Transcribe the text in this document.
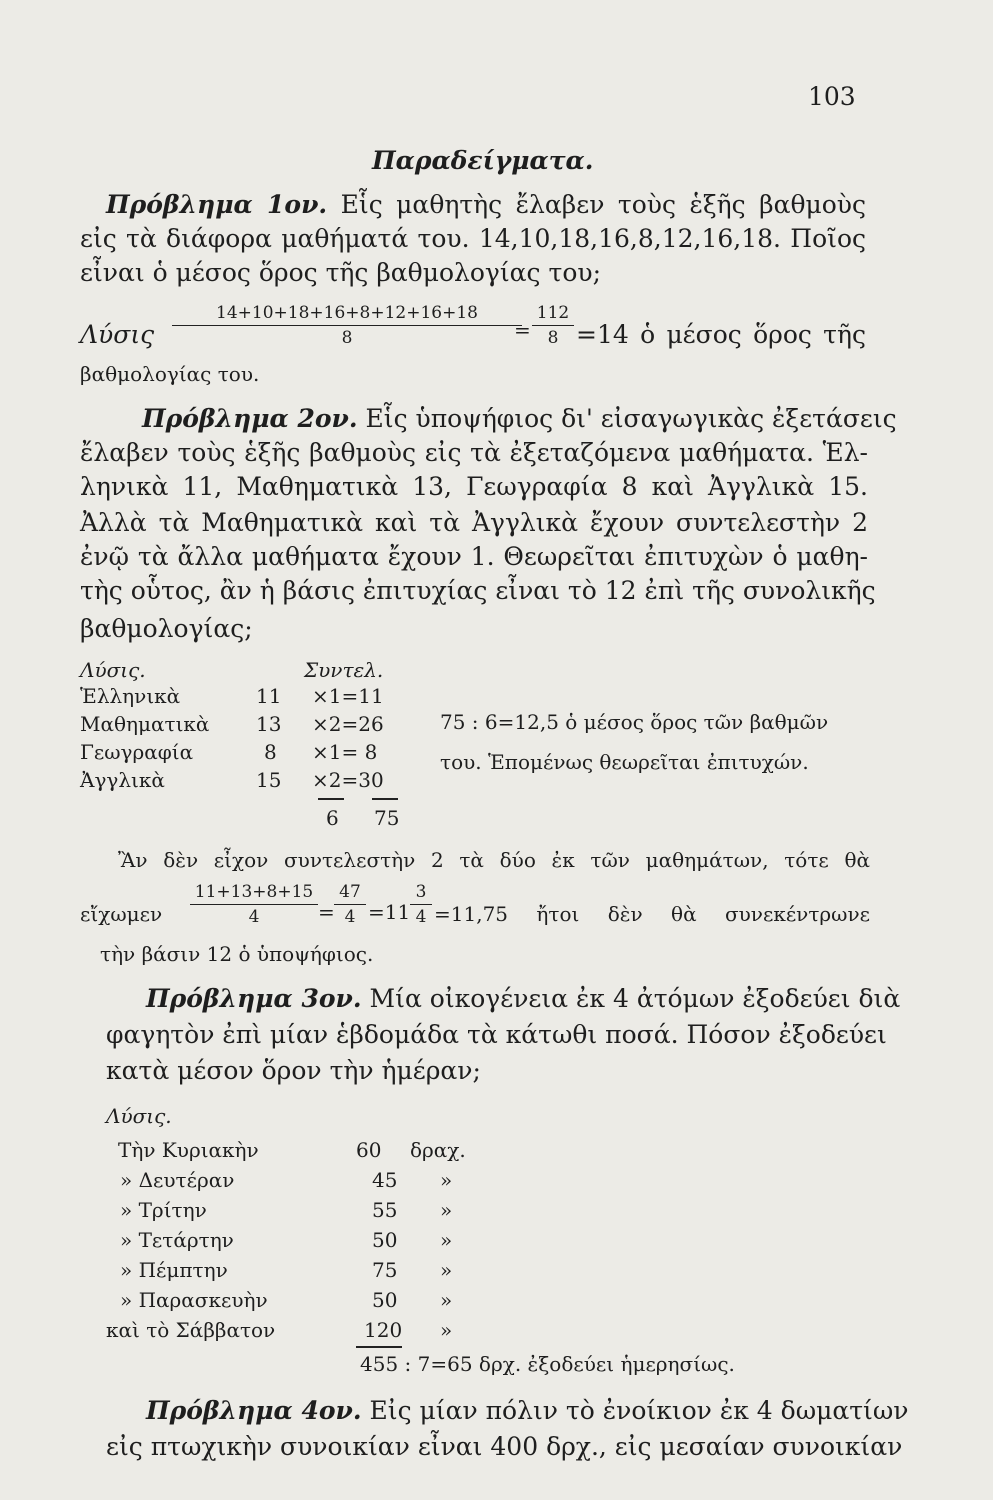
103
Παραδείγματα.
Πρόβλημα 1ον. Εἷς μαθητὴς ἔλαβεν τοὺς ἑξῆς βαθμοὺς
εἰς τὰ διάφορα μαθήματά του. 14,10,18,16,8,12,16,18. Ποῖος
εἶναι ὁ μέσος ὅρος τῆς βαθμολογίας του;
Λύσις $\frac{14+10+18+16+8+12+16+18}{8}$
= $\frac{112}{8} =14$ ὁ μέσος ὅρος τῆς
βαθμολογίας του.
Πρόβλημα 2ον. Εἷς ὑποψήφιος δι' εἰσαγωγικὰς ἐξετάσεις
ἔλαβεν τοὺς ἑξῆς βαθμοὺς εἰς τὰ ἐξεταζόμενα μαθήματα. Ἑλ-
ληνικὰ 11, Μαθηματικὰ 13, Γεωγραφία 8 καὶ Ἀγγλικὰ 15.
Ἀλλὰ τὰ Μαθηματικὰ καὶ τὰ Ἀγγλικὰ ἔχουν συντελεστὴν 2
ἐνῷ τὰ ἄλλα μαθήματα ἔχουν 1. Θεωρεῖται ἐπιτυχὼν ὁ μαθη-
τὴς οὗτος, ἂν ἡ βάσις ἐπιτυχίας εἶναι τὸ 12 ἐπὶ τῆς συνολικῆς
βαθμολογίας;
Λύσις.	Συντελ.
Ἑλληνικὰ	11 ×1=11
Μαθηματικὰ 13 ×2=26
Γεωγραφία	8 ×1= 8
Ἀγγλικὰ	15 ×2=30
6 75
75 : 6=12,5 ὁ μέσος ὅρος τῶν βαθμῶν
του. Ἑπομένως θεωρεῖται ἐπιτυχών.
Ἂν δὲν εἶχον συντελεστὴν 2 τὰ δύο ἐκ τῶν μαθημάτων, τότε θὰ
εἴχωμεν $\frac{11+13+8+15}{4} = \frac{47}{4} =11 \frac{3}{4} =11,75$ ἤτοι δὲν θὰ συνεκέντρωνε
τὴν βάσιν 12 ὁ ὑποψήφιος.
Πρόβλημα 3ον. Μία οἰκογένεια ἐκ 4 ἀτόμων ἐξοδεύει διὰ
φαγητὸν ἐπὶ μίαν ἑβδομάδα τὰ κάτωθι ποσά. Πόσον ἐξοδεύει
κατὰ μέσον ὅρον τὴν ἡμέραν;
Λύσις.
Τὴν Κυριακὴν	60 δραχ.
» Δευτέραν	45 »
» Τρίτην	55 »
» Τετάρτην	50 »
» Πέμπτην	75 »
» Παρασκευὴν	50 »
καὶ τὸ Σάββατον	120 »
455 : 7=65 δρχ. ἐξοδεύει ἡμερησίως.
Πρόβλημα 4ον. Εἰς μίαν πόλιν τὸ ἐνοίκιον ἐκ 4 δωματίων
εἰς πτωχικὴν συνοικίαν εἶναι 400 δρχ., εἰς μεσαίαν συνοικίαν
